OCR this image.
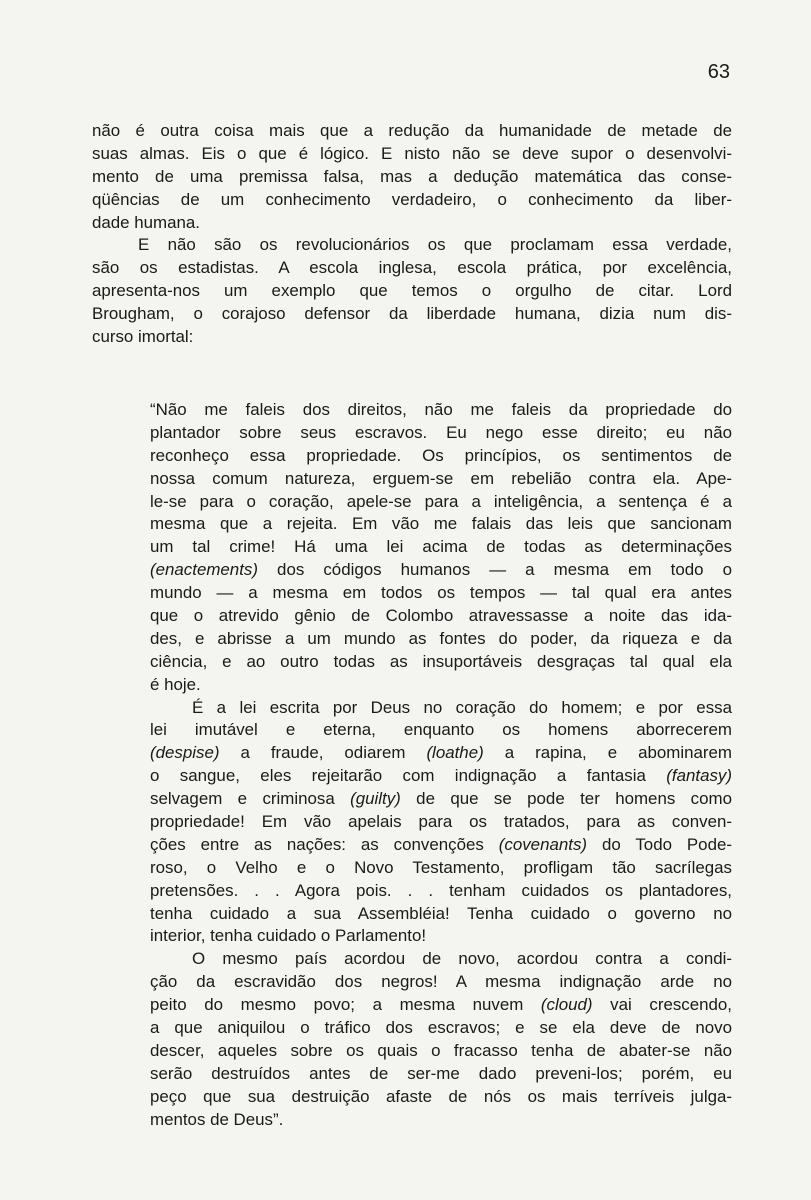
63
não é outra coisa mais que a redução da humanidade de metade de
suas almas. Eis o que é lógico. E nisto não se deve supor o desenvolvi-
mento de uma premissa falsa, mas a dedução matemática das conse-
qüências de um conhecimento verdadeiro, o conhecimento da liber-
dade humana.
E não são os revolucionários os que proclamam essa verdade,
são os estadistas. A escola inglesa, escola prática, por excelência,
apresenta-nos um exemplo que temos o orgulho de citar. Lord
Brougham, o corajoso defensor da liberdade humana, dizia num dis-
curso imortal:
“Não me faleis dos direitos, não me faleis da propriedade do
plantador sobre seus escravos. Eu nego esse direito; eu não
reconheço essa propriedade. Os princípios, os sentimentos de
nossa comum natureza, erguem-se em rebelião contra ela. Ape-
le-se para o coração, apele-se para a inteligência, a sentença é a
mesma que a rejeita. Em vão me falais das leis que sancionam
um tal crime! Há uma lei acima de todas as determinações
(enactements) dos códigos humanos — a mesma em todo o
mundo — a mesma em todos os tempos — tal qual era antes
que o atrevido gênio de Colombo atravessasse a noite das ida-
des, e abrisse a um mundo as fontes do poder, da riqueza e da
ciência, e ao outro todas as insuportáveis desgraças tal qual ela
é hoje.
É a lei escrita por Deus no coração do homem; e por essa
lei imutável e eterna, enquanto os homens aborrecerem
(despise) a fraude, odiarem (loathe) a rapina, e abominarem
o sangue, eles rejeitarão com indignação a fantasia (fantasy)
selvagem e criminosa (guilty) de que se pode ter homens como
propriedade! Em vão apelais para os tratados, para as conven-
ções entre as nações: as convenções (covenants) do Todo Pode-
roso, o Velho e o Novo Testamento, profligam tão sacrílegas
pretensões. . . Agora pois. . . tenham cuidados os plantadores,
tenha cuidado a sua Assembléia! Tenha cuidado o governo no
interior, tenha cuidado o Parlamento!
O mesmo país acordou de novo, acordou contra a condi-
ção da escravidão dos negros! A mesma indignação arde no
peito do mesmo povo; a mesma nuvem (cloud) vai crescendo,
a que aniquilou o tráfico dos escravos; e se ela deve de novo
descer, aqueles sobre os quais o fracasso tenha de abater-se não
serão destruídos antes de ser-me dado preveni-los; porém, eu
peço que sua destruição afaste de nós os mais terríveis julga-
mentos de Deus”.
